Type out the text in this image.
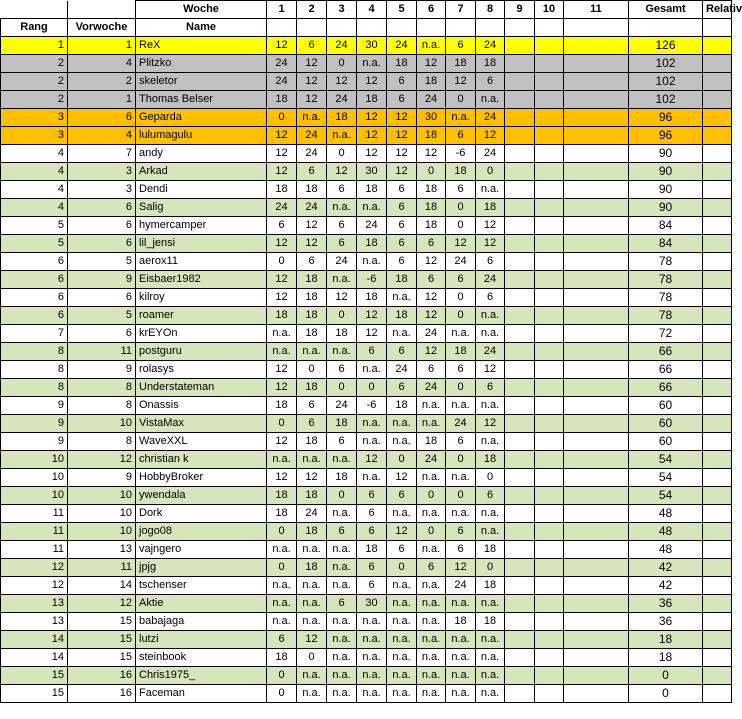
		Woche	1	2	3	4	5	6	7	8	9	10	11	Gesamt	Relativ
Rang	Vorwoche	Name													
1	1	ReX	12	6	24	30	24	n.a.	6	24				126	
2	4	Plitzko	24	12	0	n.a.	18	12	18	18				102	
2	2	skeletor	24	12	12	12	6	18	12	6				102	
2	1	Thomas Belser	18	12	24	18	6	24	0	n.a.				102	
3	6	Geparda	0	n.a.	18	12	12	30	n.a.	24				96	
3	4	lulumagulu	12	24	n.a.	12	12	18	6	12				96	
4	7	andy	12	24	0	12	12	12	-6	24				90	
4	3	Arkad	12	6	12	30	12	0	18	0				90	
4	3	Dendi	18	18	6	18	6	18	6	n.a.				90	
4	6	Salig	24	24	n.a.	n.a.	6	18	0	18				90	
5	6	hymercamper	6	12	6	24	6	18	0	12				84	
5	6	lil_jensi	12	12	6	18	6	6	12	12				84	
6	5	aerox11	0	6	24	n.a.	6	12	24	6				78	
6	9	Eisbaer1982	12	18	n.a.	-6	18	6	6	24				78	
6	6	kilroy	12	18	12	18	n.a.	12	0	6				78	
6	5	roamer	18	18	0	12	18	12	0	n.a.				78	
7	6	krEYOn	n.a.	18	18	12	n.a.	24	n.a.	n.a.				72	
8	11	postguru	n.a.	n.a.	n.a.	6	6	12	18	24				66	
8	9	rolasys	12	0	6	n.a.	24	6	6	12				66	
8	8	Understateman	12	18	0	0	6	24	0	6				66	
9	8	Onassis	18	6	24	-6	18	n.a.	n.a.	n.a.				60	
9	10	VistaMax	0	6	18	n.a.	n.a.	n.a.	24	12				60	
9	8	WaveXXL	12	18	6	n.a.	n.a.	18	6	n.a.				60	
10	12	christian k	n.a.	n.a.	n.a.	12	0	24	0	18				54	
10	9	HobbyBroker	12	12	18	n.a.	12	n.a.	n.a.	0				54	
10	10	ywendala	18	18	0	6	6	0	0	6				54	
11	10	Dork	18	24	n.a.	6	n.a.	n.a.	n.a.	n.a.				48	
11	10	jogo08	0	18	6	6	12	0	6	n.a.				48	
11	13	vajngero	n.a.	n.a.	n.a.	18	6	n.a.	6	18				48	
12	11	jpjg	0	18	n.a.	6	0	6	12	0				42	
12	14	tschenser	n.a.	n.a.	n.a.	6	n.a.	n.a.	24	18				42	
13	12	Aktie	n.a.	n.a.	6	30	n.a.	n.a.	n.a.	n.a.				36	
13	15	babajaga	n.a.	n.a.	n.a.	n.a.	n.a.	n.a.	18	18				36	
14	15	lutzi	6	12	n.a.	n.a.	n.a.	n.a.	n.a.	n.a.				18	
14	15	steinbook	18	0	n.a.	n.a.	n.a.	n.a.	n.a.	n.a.				18	
15	16	Chris1975_	0	n.a.	n.a.	n.a.	n.a.	n.a.	n.a.	n.a.				0	
15	16	Faceman	0	n.a.	n.a.	n.a.	n.a.	n.a.	n.a.	n.a.				0	
